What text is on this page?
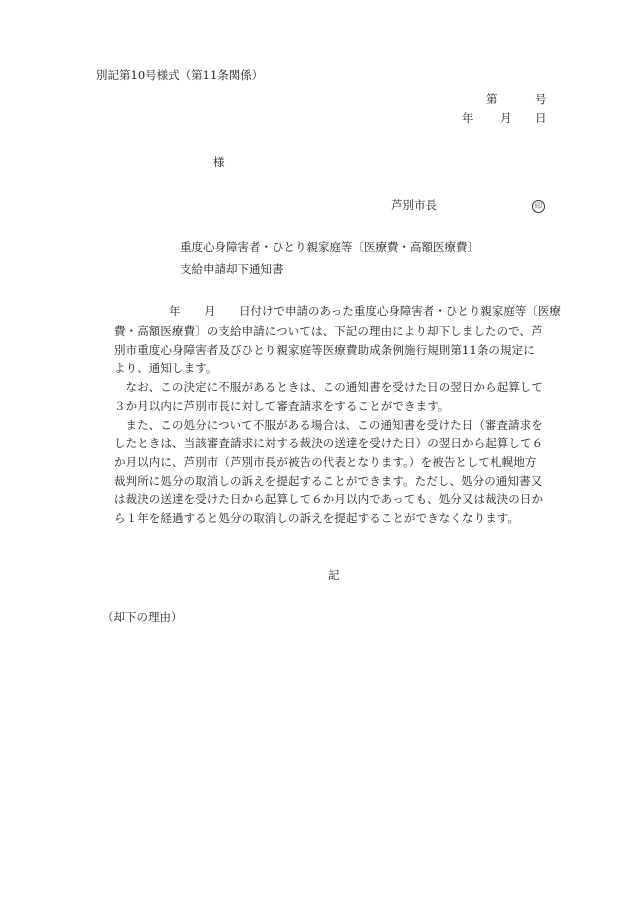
別記第10号様式（第11条関係）
第	号
年 月 日
様
芦別市長	印
重度心身障害者・ひとり親家庭等〔医療費・高額医療費〕
支給申請却下通知書
年 月 日付けで申請のあった重度心身障害者・ひとり親家庭等〔医療

費・高額医療費〕の支給申請については、下記の理由により却下しましたので、芦別市重度心身障害者及びひとり親家庭等医療費助成条例施行規則第11条の規定により、通知します。

なお、この決定に不服があるときは、この通知書を受けた日の翌日から起算して３か月以内に芦別市長に対して審査請求をすることができます。

また、この処分について不服がある場合は、この通知書を受けた日（審査請求をしたときは、当該審査請求に対する裁決の送達を受けた日）の翌日から起算して６か月以内に、芦別市（芦別市長が被告の代表となります。）を被告として札幌地方裁判所に処分の取消しの訴えを提起することができます。ただし、処分の通知書又は裁決の送達を受けた日から起算して６か月以内であっても、処分又は裁決の日から１年を経過すると処分の取消しの訴えを提起することができなくなります。

記
（却下の理由）
